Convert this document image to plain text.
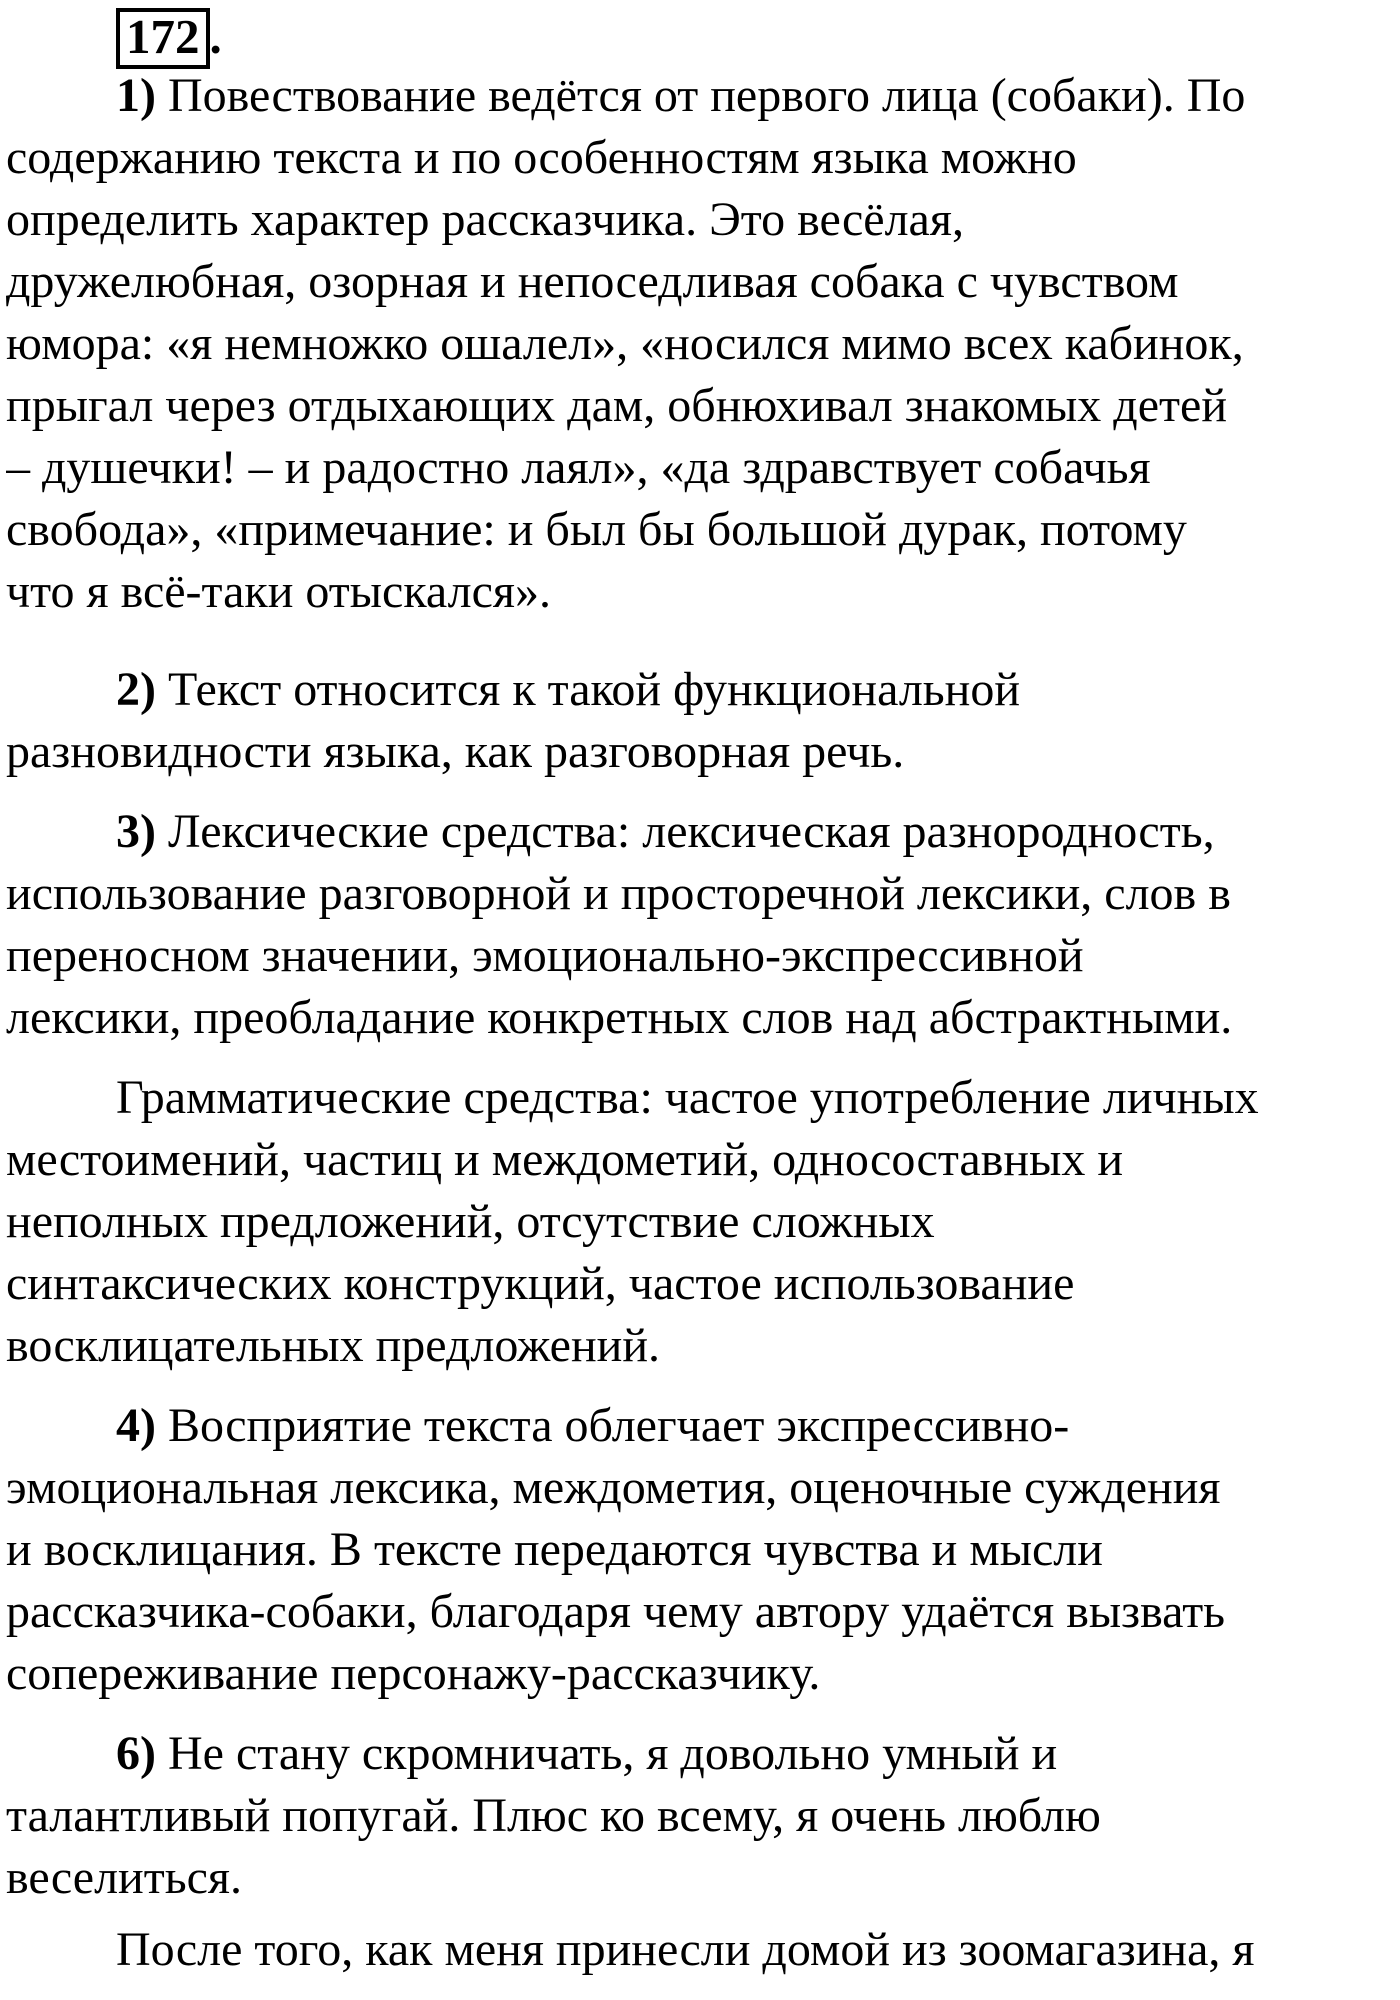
172 .
1) Повествование ведётся от первого лица (собаки). По
содержанию текста и по особенностям языка можно
определить характер рассказчика. Это весёлая,
дружелюбная, озорная и непоседливая собака с чувством
юмора: «я немножко ошалел», «носился мимо всех кабинок,
прыгал через отдыхающих дам, обнюхивал знакомых детей
– душечки! – и радостно лаял», «да здравствует собачья
свобода», «примечание: и был бы большой дурак, потому
что я всё-таки отыскался».
2) Текст относится к такой функциональной
разновидности языка, как разговорная речь.
3) Лексические средства: лексическая разнородность,
использование разговорной и просторечной лексики, слов в
переносном значении, эмоционально-экспрессивной
лексики, преобладание конкретных слов над абстрактными.
Грамматические средства: частое употребление личных
местоимений, частиц и междометий, односоставных и
неполных предложений, отсутствие сложных
синтаксических конструкций, частое использование
восклицательных предложений.
4) Восприятие текста облегчает экспрессивно-
эмоциональная лексика, междометия, оценочные суждения
и восклицания. В тексте передаются чувства и мысли
рассказчика-собаки, благодаря чему автору удаётся вызвать
сопереживание персонажу-рассказчику.
6) Не стану скромничать, я довольно умный и
талантливый попугай. Плюс ко всему, я очень люблю
веселиться.
После того, как меня принесли домой из зоомагазина, я
